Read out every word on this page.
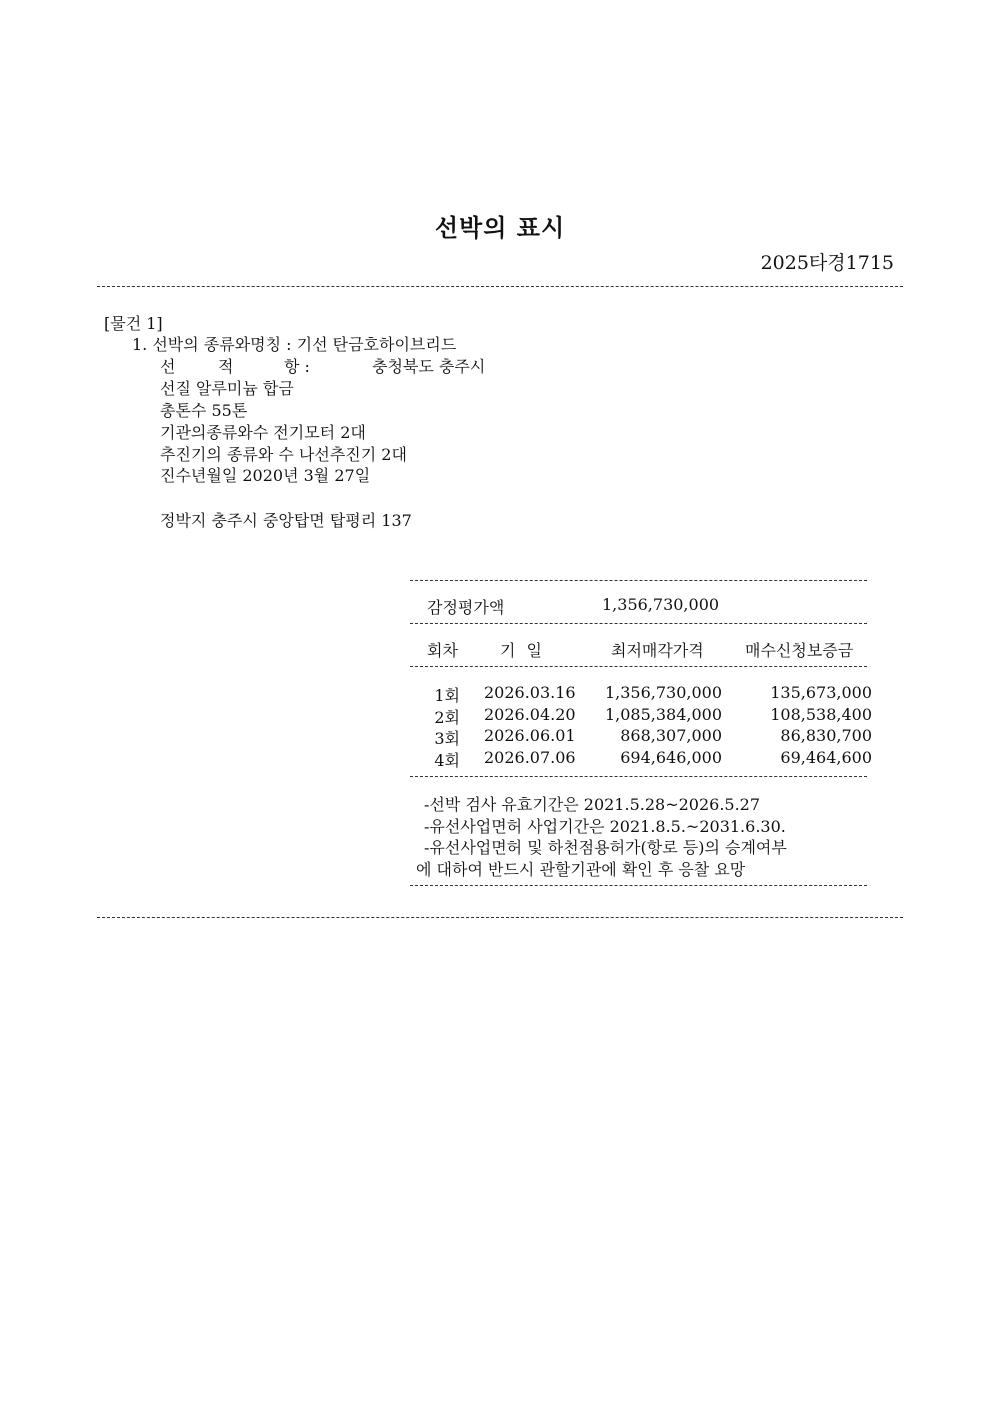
선박의 표시
2025타경1715
[물건 1]
1. 선박의 종류와명칭 : 기선 탄금호하이브리드
선	적	항 :	충청북도 충주시
선질 알루미늄 합금
총톤수 55톤
기관의종류와수 전기모터 2대
추진기의 종류와 수 나선추진기 2대
진수년월일 2020년 3월 27일
정박지 충주시 중앙탑면 탑평리 137
감정평가액	1,356,730,000
회차	기 일	최저매각가격	매수신청보증금
1회 2026.03.16	1,356,730,000	135,673,000
2회 2026.04.20	1,085,384,000	108,538,400
3회 2026.06.01	868,307,000	86,830,700
4회 2026.07.06	694,646,000	69,464,600
-선박 검사 유효기간은 2021.5.28~2026.5.27
-유선사업면허 사업기간은 2021.8.5.~2031.6.30.
-유선사업면허 및 하천점용허가(항로 등)의 승계여부
에 대하여 반드시 관할기관에 확인 후 응찰 요망
